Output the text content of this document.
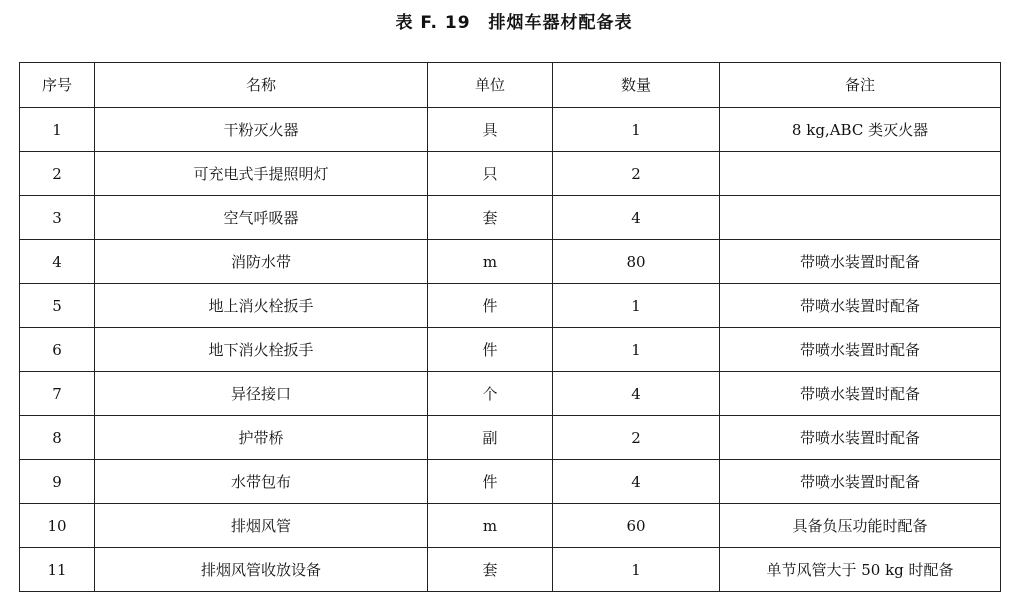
表 F. 19　排烟车器材配备表
序号	名称	单位	数量	备注
1	干粉灭火器	具	1	8 kg,ABC 类灭火器
2	可充电式手提照明灯	只	2	
3	空气呼吸器	套	4	
4	消防水带	m	80	带喷水装置时配备
5	地上消火栓扳手	件	1	带喷水装置时配备
6	地下消火栓扳手	件	1	带喷水装置时配备
7	异径接口	个	4	带喷水装置时配备
8	护带桥	副	2	带喷水装置时配备
9	水带包布	件	4	带喷水装置时配备
10	排烟风管	m	60	具备负压功能时配备
11	排烟风管收放设备	套	1	单节风管大于 50 kg 时配备
